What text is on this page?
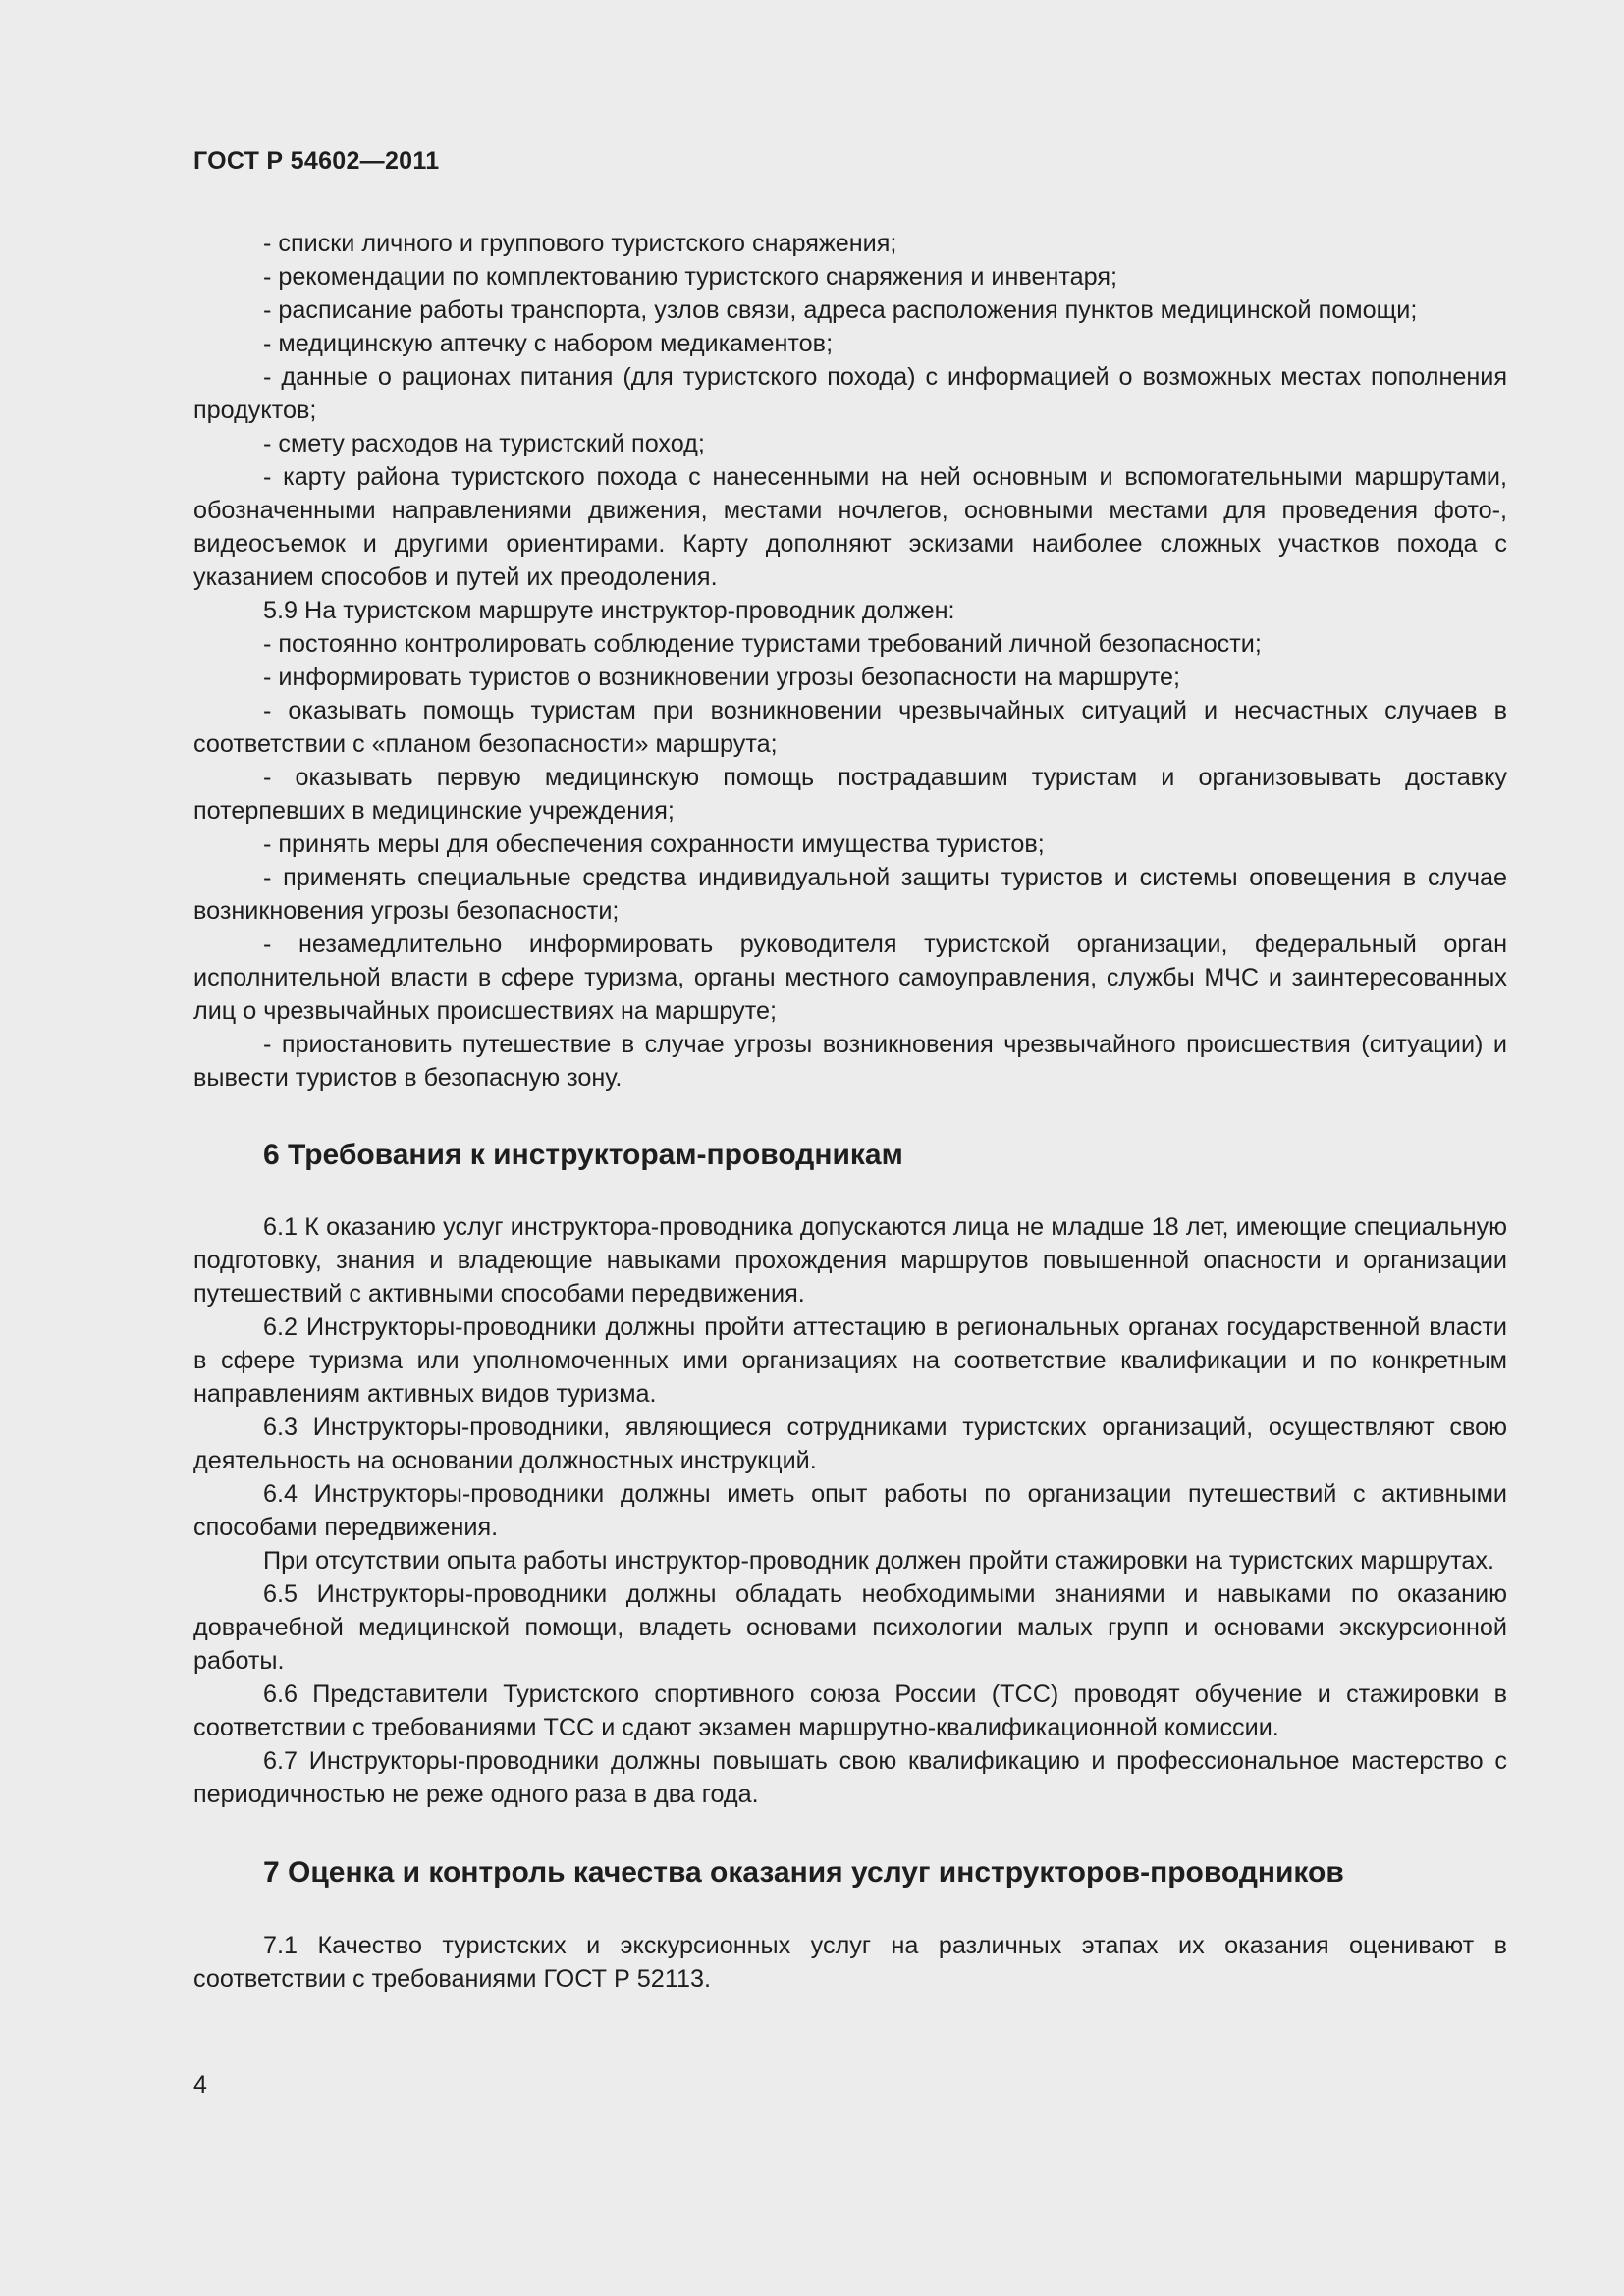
ГОСТ Р 54602—2011

- списки личного и группового туристского снаряжения;

- рекомендации по комплектованию туристского снаряжения и инвентаря;

- расписание работы транспорта, узлов связи, адреса расположения пунктов медицинской помощи;

- медицинскую аптечку с набором медикаментов;

- данные о рационах питания (для туристского похода) с информацией о возможных местах пополнения продуктов;

- смету расходов на туристский поход;

- карту района туристского похода с нанесенными на ней основным и вспомогательными маршрутами, обозначенными направлениями движения, местами ночлегов, основными местами для проведения фото-, видеосъемок и другими ориентирами. Карту дополняют эскизами наиболее сложных участков похода с указанием способов и путей их преодоления.

5.9 На туристском маршруте инструктор-проводник должен:

- постоянно контролировать соблюдение туристами требований личной безопасности;

- информировать туристов о возникновении угрозы безопасности на маршруте;

- оказывать помощь туристам при возникновении чрезвычайных ситуаций и несчастных случаев в соответствии с «планом безопасности» маршрута;

- оказывать первую медицинскую помощь пострадавшим туристам и организовывать доставку потерпевших в медицинские учреждения;

- принять меры для обеспечения сохранности имущества туристов;

- применять специальные средства индивидуальной защиты туристов и системы оповещения в случае возникновения угрозы безопасности;

- незамедлительно информировать руководителя туристской организации, федеральный орган исполнительной власти в сфере туризма, органы местного самоуправления, службы МЧС и заинтересованных лиц о чрезвычайных происшествиях на маршруте;

- приостановить путешествие в случае угрозы возникновения чрезвычайного происшествия (ситуации) и вывести туристов в безопасную зону.

6 Требования к инструкторам-проводникам

6.1 К оказанию услуг инструктора-проводника допускаются лица не младше 18 лет, имеющие специальную подготовку, знания и владеющие навыками прохождения маршрутов повышенной опасности и организации путешествий с активными способами передвижения.

6.2 Инструкторы-проводники должны пройти аттестацию в региональных органах государственной власти в сфере туризма или уполномоченных ими организациях на соответствие квалификации и по конкретным направлениям активных видов туризма.

6.3 Инструкторы-проводники, являющиеся сотрудниками туристских организаций, осуществляют свою деятельность на основании должностных инструкций.

6.4 Инструкторы-проводники должны иметь опыт работы по организации путешествий с активными способами передвижения.

При отсутствии опыта работы инструктор-проводник должен пройти стажировки на туристских маршрутах.

6.5 Инструкторы-проводники должны обладать необходимыми знаниями и навыками по оказанию доврачебной медицинской помощи, владеть основами психологии малых групп и основами экскурсионной работы.

6.6 Представители Туристского спортивного союза России (ТСС) проводят обучение и стажировки в соответствии с требованиями ТСС и сдают экзамен маршрутно-квалификационной комиссии.

6.7 Инструкторы-проводники должны повышать свою квалификацию и профессиональное мастерство с периодичностью не реже одного раза в два года.

7 Оценка и контроль качества оказания услуг инструкторов-проводников

7.1 Качество туристских и экскурсионных услуг на различных этапах их оказания оценивают в соответствии с требованиями ГОСТ Р 52113.

4
